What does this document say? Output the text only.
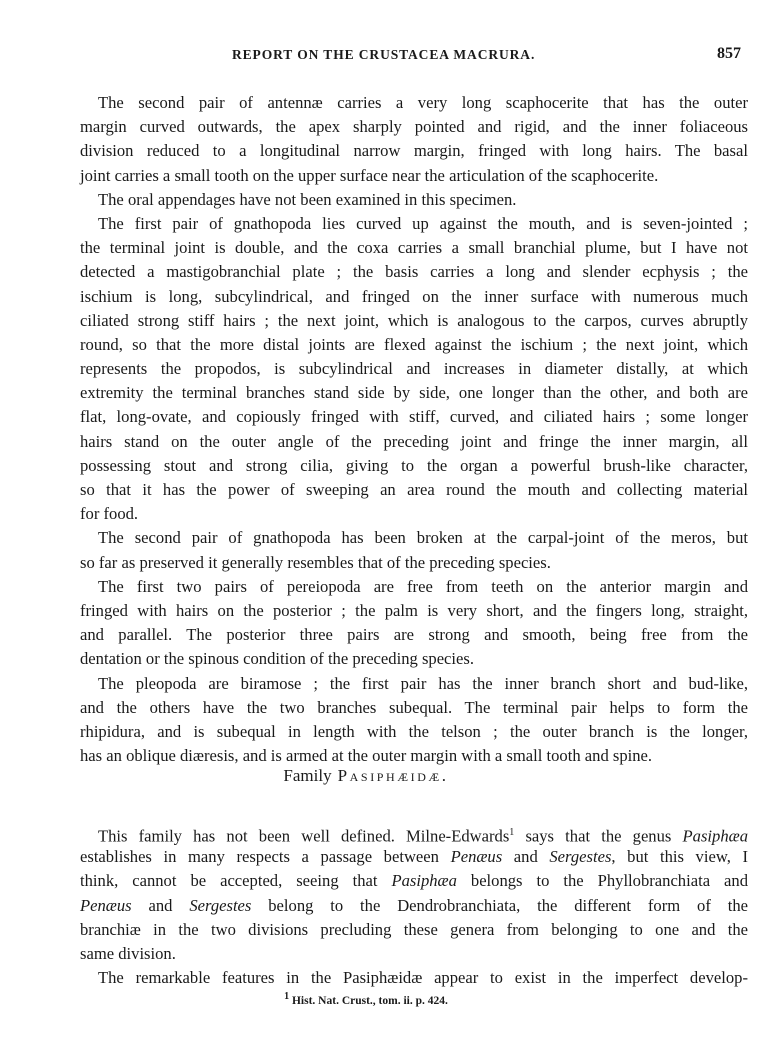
REPORT ON THE CRUSTACEA MACRURA.	857
The second pair of antennæ carries a very long scaphocerite that has the outer
margin curved outwards, the apex sharply pointed and rigid, and the inner foliaceous
division reduced to a longitudinal narrow margin, fringed with long hairs. The basal
joint carries a small tooth on the upper surface near the articulation of the scaphocerite.
The oral appendages have not been examined in this specimen.
The first pair of gnathopoda lies curved up against the mouth, and is seven-jointed ;
the terminal joint is double, and the coxa carries a small branchial plume, but I have not
detected a mastigobranchial plate ; the basis carries a long and slender ecphysis ; the
ischium is long, subcylindrical, and fringed on the inner surface with numerous much
ciliated strong stiff hairs ; the next joint, which is analogous to the carpos, curves abruptly
round, so that the more distal joints are flexed against the ischium ; the next joint, which
represents the propodos, is subcylindrical and increases in diameter distally, at which
extremity the terminal branches stand side by side, one longer than the other, and both are
flat, long-ovate, and copiously fringed with stiff, curved, and ciliated hairs ; some longer
hairs stand on the outer angle of the preceding joint and fringe the inner margin, all
possessing stout and strong cilia, giving to the organ a powerful brush-like character,
so that it has the power of sweeping an area round the mouth and collecting material
for food.
The second pair of gnathopoda has been broken at the carpal-joint of the meros, but
so far as preserved it generally resembles that of the preceding species.
The first two pairs of pereiopoda are free from teeth on the anterior margin and
fringed with hairs on the posterior ; the palm is very short, and the fingers long, straight,
and parallel. The posterior three pairs are strong and smooth, being free from the
dentation or the spinous condition of the preceding species.
The pleopoda are biramose ; the first pair has the inner branch short and bud-like,
and the others have the two branches subequal. The terminal pair helps to form the
rhipidura, and is subequal in length with the telson ; the outer branch is the longer,
has an oblique diæresis, and is armed at the outer margin with a small tooth and spine.
Family Pasiphæidæ.
This family has not been well defined. Milne-Edwards$^1$ says that the genus Pasiphæa
establishes in many respects a passage between Penæus and Sergestes, but this view, I
think, cannot be accepted, seeing that Pasiphæa belongs to the Phyllobranchiata and
Penæus and Sergestes belong to the Dendrobranchiata, the different form of the
branchiæ in the two divisions precluding these genera from belonging to one and the
same division.
The remarkable features in the Pasiphæidæ appear to exist in the imperfect develop-
$^1$ Hist. Nat. Crust., tom. ii. p. 424.
